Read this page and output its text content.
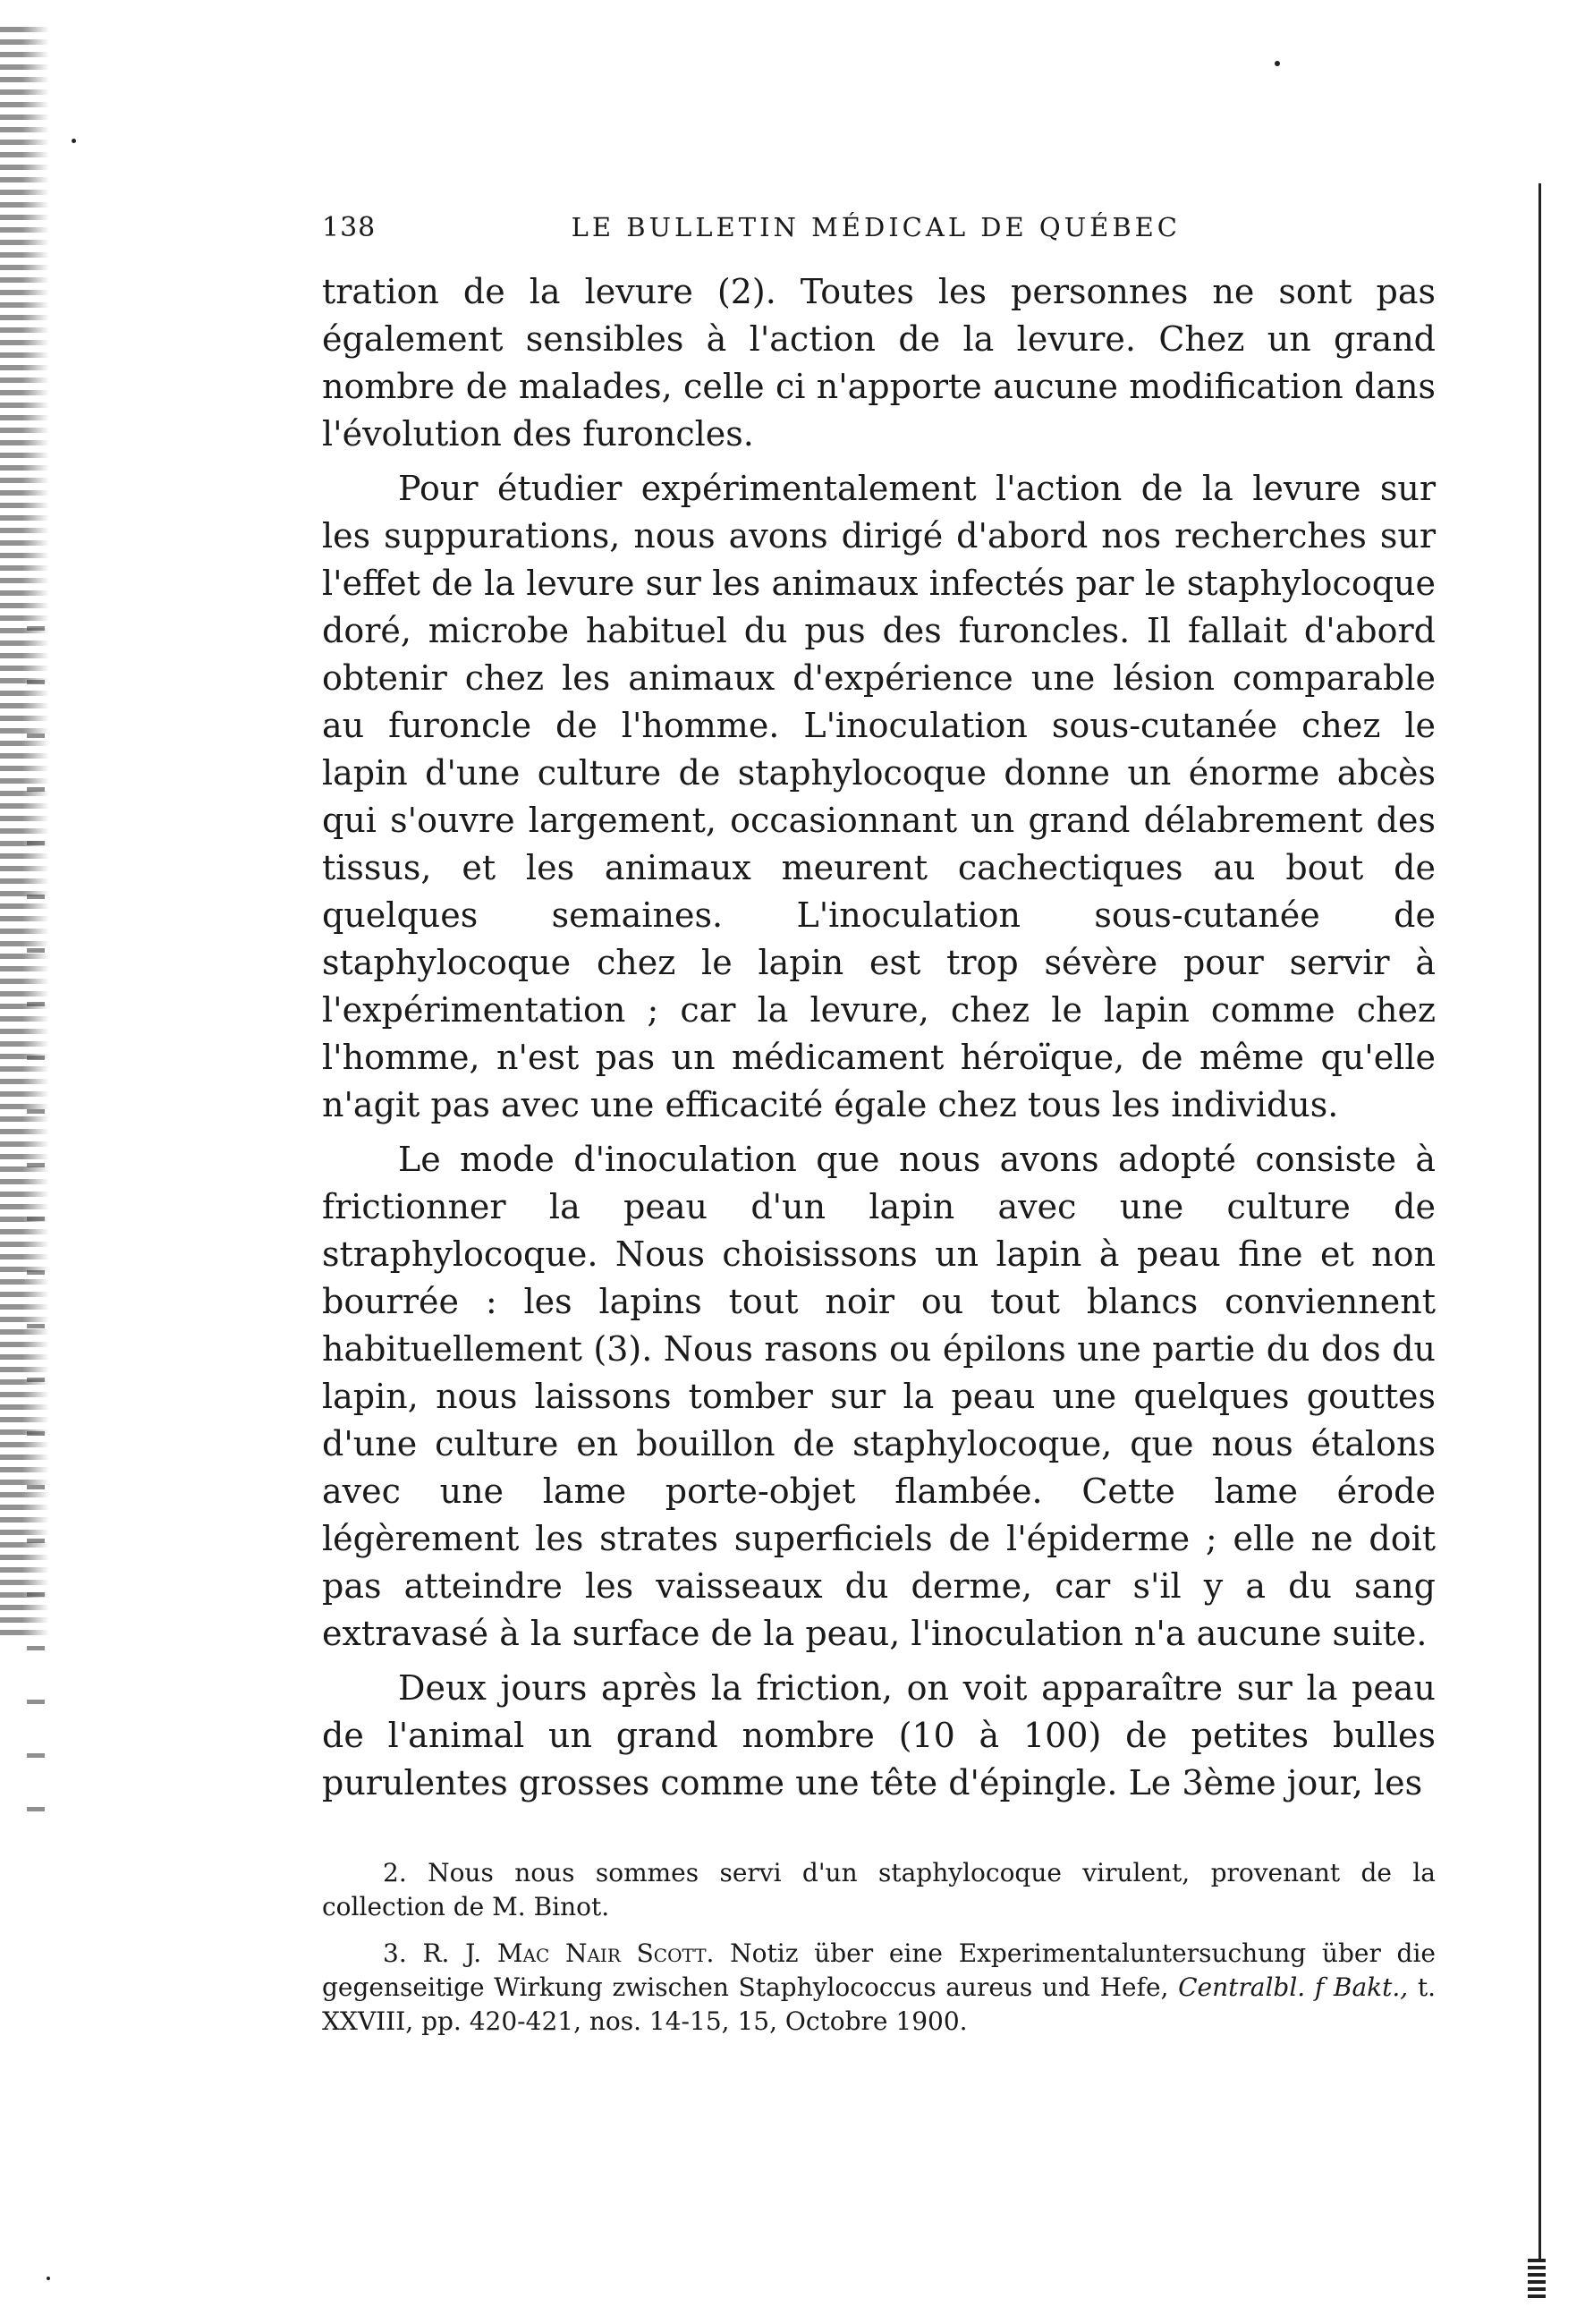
138	LE BULLETIN MÉDICAL DE QUÉBEC

tration de la levure (2). Toutes les personnes ne sont pas également sensibles à l'action de la levure. Chez un grand nombre de malades, celle ci n'apporte aucune modification dans l'évolution des furoncles.

Pour étudier expérimentalement l'action de la levure sur les suppurations, nous avons dirigé d'abord nos recherches sur l'effet de la levure sur les animaux infectés par le staphylocoque doré, microbe habituel du pus des furoncles. Il fallait d'abord obtenir chez les animaux d'expérience une lésion comparable au furoncle de l'homme. L'inoculation sous-cutanée chez le lapin d'une culture de staphylocoque donne un énorme abcès qui s'ouvre largement, occasionnant un grand délabrement des tissus, et les animaux meurent cachectiques au bout de quelques semaines. L'inoculation sous-cutanée de staphylocoque chez le lapin est trop sévère pour servir à l'expérimentation ; car la levure, chez le lapin comme chez l'homme, n'est pas un médicament héroïque, de même qu'elle n'agit pas avec une efficacité égale chez tous les individus.

Le mode d'inoculation que nous avons adopté consiste à frictionner la peau d'un lapin avec une culture de straphylocoque. Nous choisissons un lapin à peau fine et non bourrée : les lapins tout noir ou tout blancs conviennent habituellement (3). Nous rasons ou épilons une partie du dos du lapin, nous laissons tomber sur la peau une quelques gouttes d'une culture en bouillon de staphylocoque, que nous étalons avec une lame porte-objet flambée. Cette lame érode légèrement les strates superficiels de l'épiderme ; elle ne doit pas atteindre les vaisseaux du derme, car s'il y a du sang extravasé à la surface de la peau, l'inoculation n'a aucune suite.

Deux jours après la friction, on voit apparaître sur la peau de l'animal un grand nombre (10 à 100) de petites bulles purulentes grosses comme une tête d'épingle. Le 3ème jour, les

2. Nous nous sommes servi d'un staphylocoque virulent, provenant de la collection de M. Binot.

3. R. J. Mac Nair Scott. Notiz über eine Experimentaluntersuchung über die gegenseitige Wirkung zwischen Staphylococcus aureus und Hefe, Centralbl. f Bakt., t. XXVIII, pp. 420-421, nos. 14-15, 15, Octobre 1900.
